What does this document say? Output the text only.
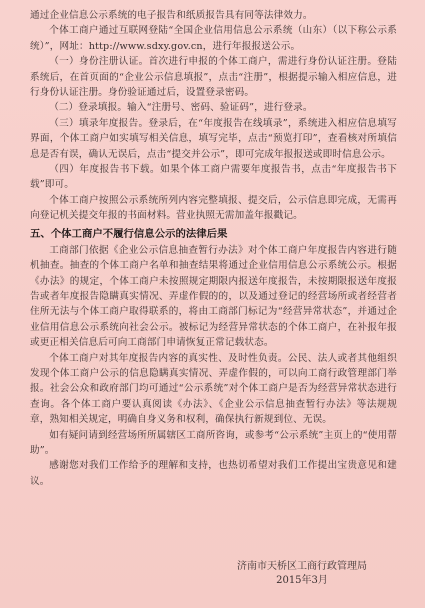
通过企业信息公示系统的电子报告和纸质报告具有同等法律效力。

个体工商户通过互联网登陆“全国企业信用信息公示系统（山东）（以下称公示系统）”，网址：http://www.sdxy.gov.cn，进行年报报送公示。

（一）身份注册认证。首次进行申报的个体工商户，需进行身份认证注册。登陆系统后，在首页面的“企业公示信息填报”，点击“注册”，根据提示输入相应信息，进行身份认证注册。身份验证通过后，设置登录密码。

（二）登录填报。输入“注册号、密码、验证码”，进行登录。

（三）填录年度报告。登录后，在“年度报告在线填录”，系统进入相应信息填写界面，个体工商户如实填写相关信息，填写完毕，点击“预览打印”，查看核对所填信息是否有误，确认无误后，点击“提交并公示”，即可完成年报报送或即时信息公示。

（四）年度报告书下载。如果个体工商户需要年度报告书，点击“年度报告书下载”即可。

个体工商户按照公示系统所列内容完整填报、提交后，公示信息即完成，无需再向登记机关提交年报的书面材料。营业执照无需加盖年报戳记。

五、个体工商户不履行信息公示的法律后果

工商部门依据《企业公示信息抽查暂行办法》对个体工商户年度报告内容进行随机抽查。抽查的个体工商户名单和抽查结果将通过企业信用信息公示系统公示。根据《办法》的规定，个体工商户未按照规定期限内报送年度报告，未按期限报送年度报告或者年度报告隐瞒真实情况、弄虚作假的的，以及通过登记的经营场所或者经营者住所无法与个体工商户取得联系的，将由工商部门标记为“经营异常状态”，并通过企业信用信息公示系统向社会公示。被标记为经营异常状态的个体工商户，在补报年报或更正相关信息后可向工商部门申请恢复正常记载状态。

个体工商户对其年度报告内容的真实性、及时性负责。公民、法人或者其他组织发现个体工商户公示的信息隐瞒真实情况、弄虚作假的，可以向工商行政管理部门举报。社会公众和政府部门均可通过“公示系统”对个体工商户是否为经营异常状态进行查询。各个体工商户要认真阅读《办法》、《企业公示信息抽查暂行办法》等法规规章，熟知相关规定，明确自身义务和权利，确保执行新规到位、无误。

如有疑问请到经营场所所属辖区工商所咨询，或参考“公示系统”主页上的“使用帮助”。

感谢您对我们工作给予的理解和支持，也热切希望对我们工作提出宝贵意见和建议。

济南市天桥区工商行政管理局
2015年3月
